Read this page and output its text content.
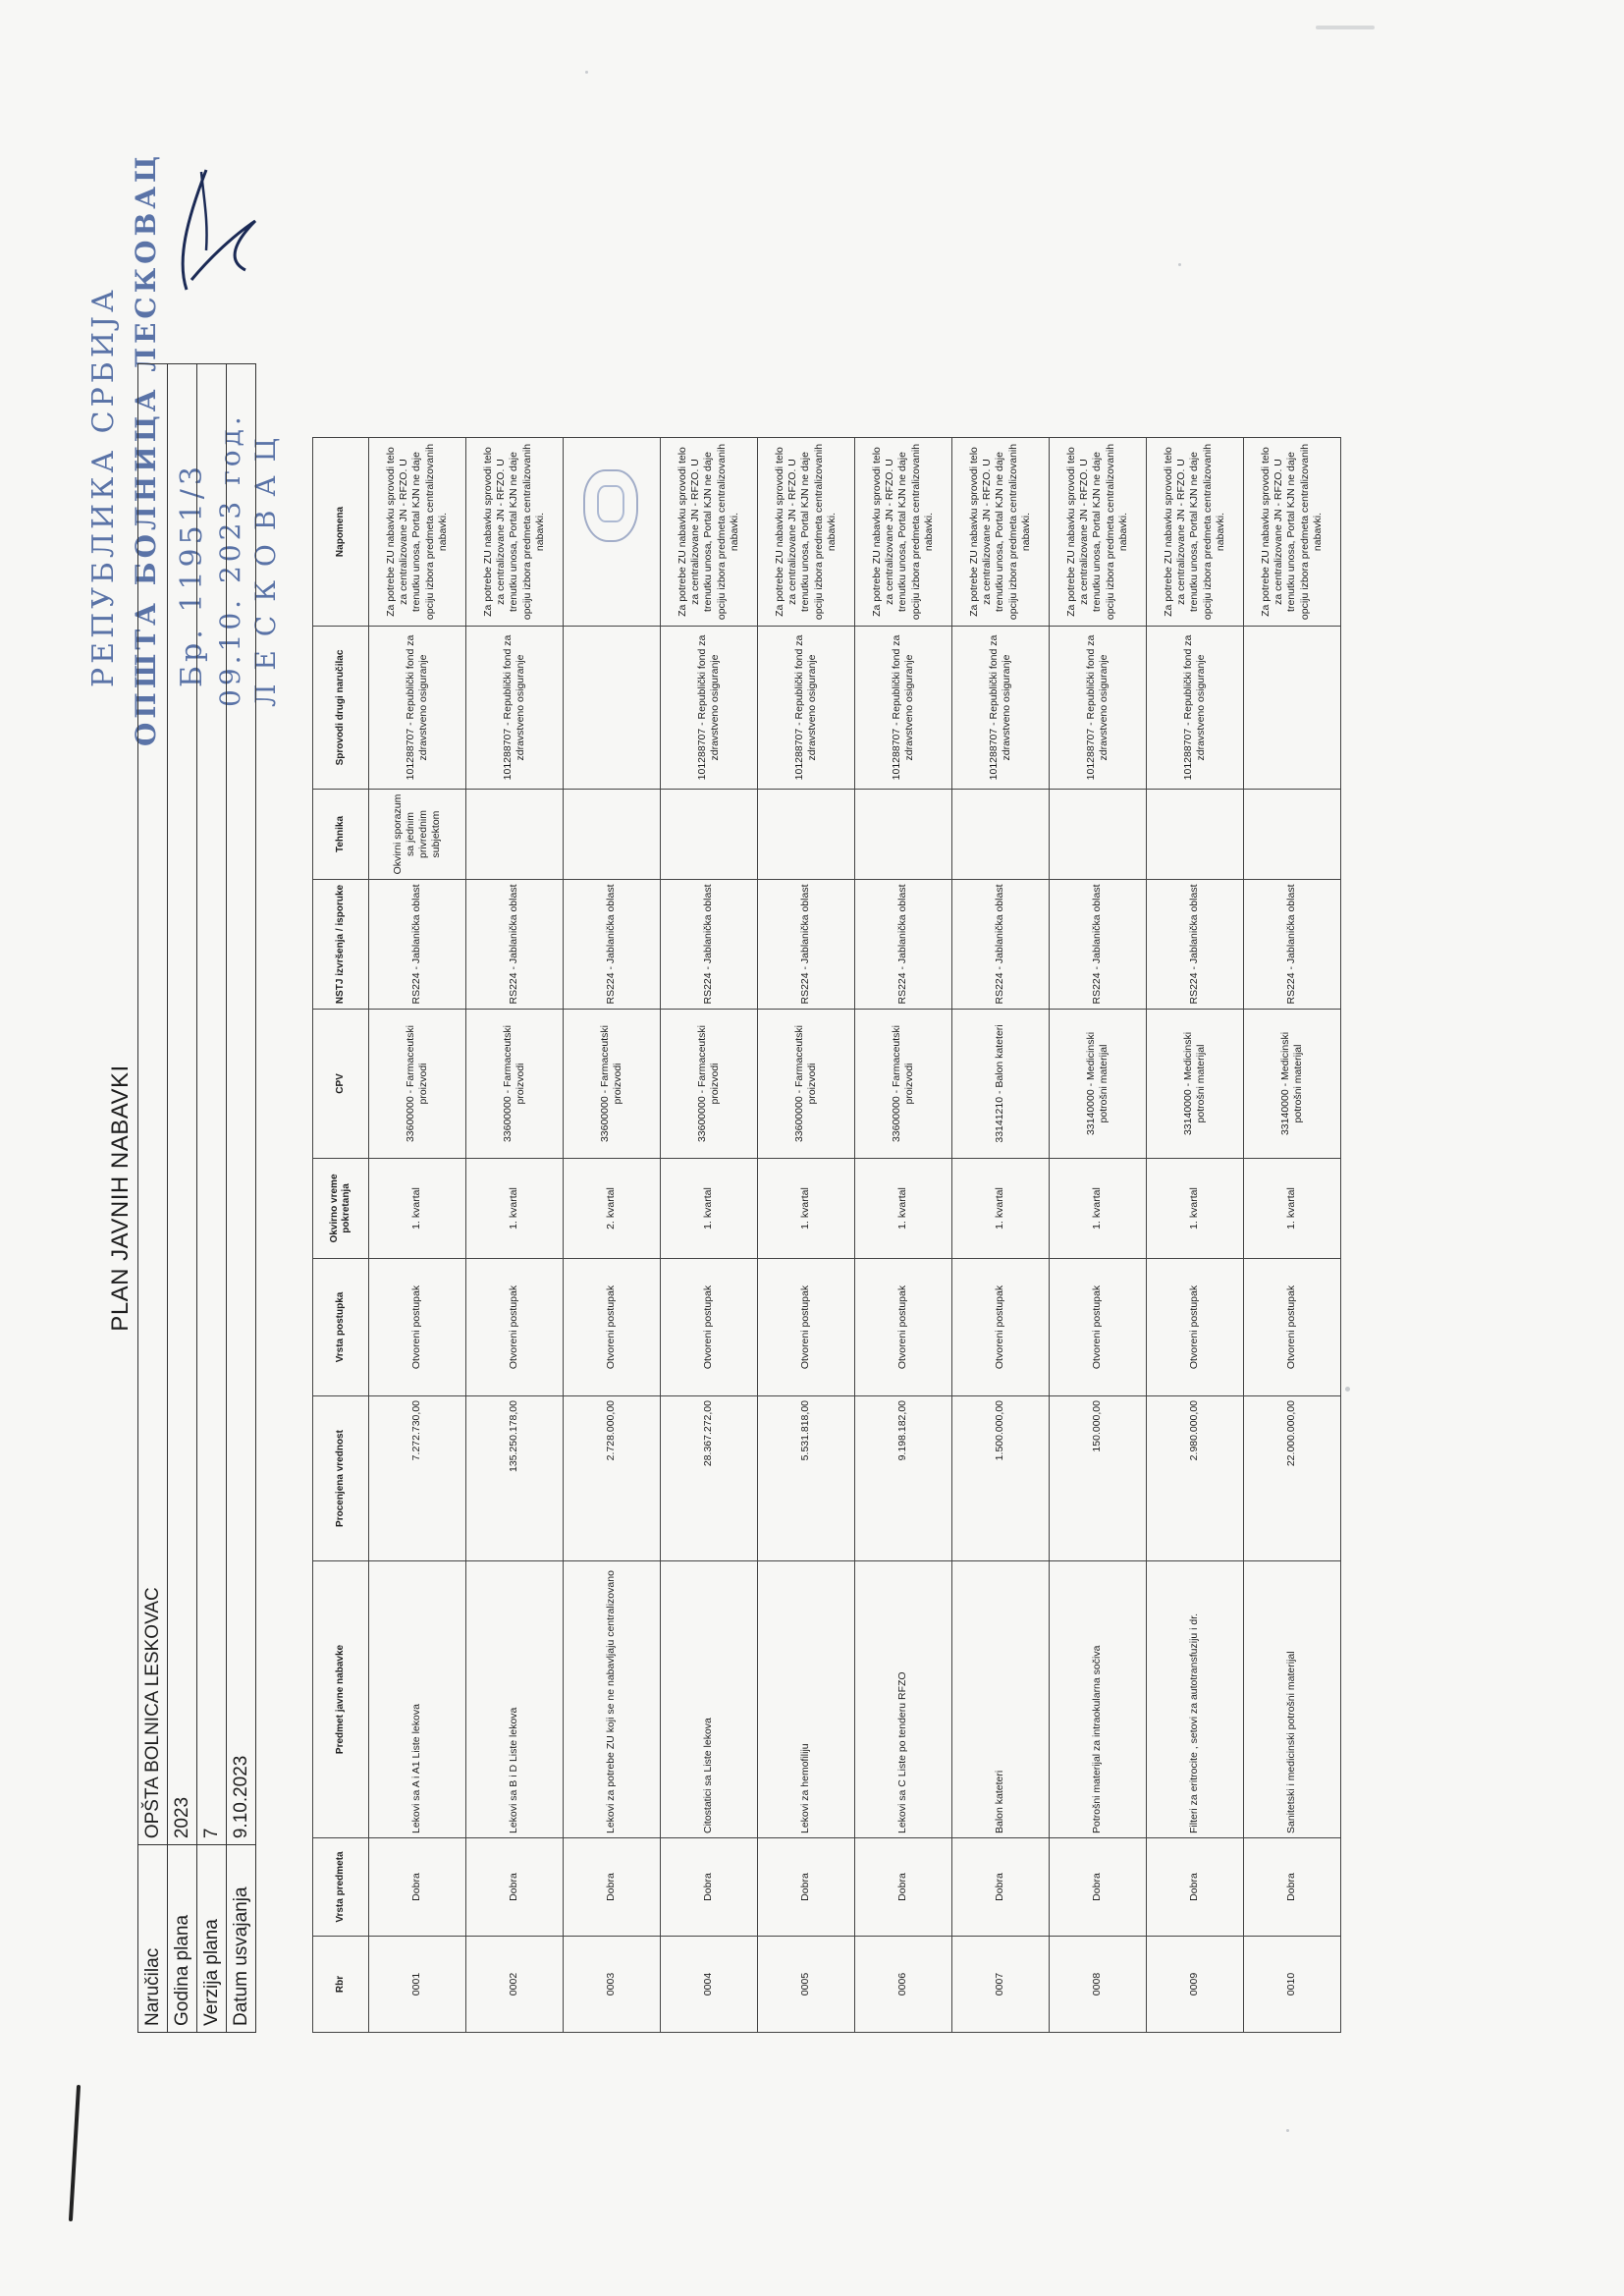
РЕПУБЛИКА СРБИЈА ОПШТА БОЛНИЦА ЛЕСКОВАЦ Бр. 11951/3 09.10. 2023 год. ЛЕСКОВАЦ
PLAN JAVNIH NABAVKI
Naručilac	OPŠTA BOLNICA LESKOVAC
Godina plana	2023
Verzija plana	7
Datum usvajanja	9.10.2023
Rbr	Vrsta predmeta	Predmet javne nabavke	Procenjena vrednost	Vrsta postupka	Okvirno vreme pokretanja	CPV	NSTJ izvršenja / isporuke	Tehnika	Sprovodi drugi naručilac	Napomena
0001	Dobra	Lekovi sa A i A1 Liste lekova	7.272.730,00	Otvoreni postupak	1. kvartal	33600000 - Farmaceutski proizvodi	RS224 - Jablanička oblast	Okvirni sporazum sa jednim privrednim subjektom	101288707 - Republički fond za zdravstveno osiguranje	Za potrebe ZU nabavku sprovodi telo za centralizovane JN - RFZO. U trenutku unosa, Portal KJN ne daje opciju izbora predmeta centralizovanih nabavki.
0002	Dobra	Lekovi sa B i D Liste lekova	135.250.178,00	Otvoreni postupak	1. kvartal	33600000 - Farmaceutski proizvodi	RS224 - Jablanička oblast		101288707 - Republički fond za zdravstveno osiguranje	Za potrebe ZU nabavku sprovodi telo za centralizovane JN - RFZO. U trenutku unosa, Portal KJN ne daje opciju izbora predmeta centralizovanih nabavki.
0003	Dobra	Lekovi za potrebe ZU koji se ne nabavljaju centralizovano	2.728.000,00	Otvoreni postupak	2. kvartal	33600000 - Farmaceutski proizvodi	RS224 - Jablanička oblast			
0004	Dobra	Citostatici sa Liste lekova	28.367.272,00	Otvoreni postupak	1. kvartal	33600000 - Farmaceutski proizvodi	RS224 - Jablanička oblast		101288707 - Republički fond za zdravstveno osiguranje	Za potrebe ZU nabavku sprovodi telo za centralizovane JN - RFZO. U trenutku unosa, Portal KJN ne daje opciju izbora predmeta centralizovanih nabavki.
0005	Dobra	Lekovi za hemofiliju	5.531.818,00	Otvoreni postupak	1. kvartal	33600000 - Farmaceutski proizvodi	RS224 - Jablanička oblast		101288707 - Republički fond za zdravstveno osiguranje	Za potrebe ZU nabavku sprovodi telo za centralizovane JN - RFZO. U trenutku unosa, Portal KJN ne daje opciju izbora predmeta centralizovanih nabavki.
0006	Dobra	Lekovi sa C Liste po tenderu RFZO	9.198.182,00	Otvoreni postupak	1. kvartal	33600000 - Farmaceutski proizvodi	RS224 - Jablanička oblast		101288707 - Republički fond za zdravstveno osiguranje	Za potrebe ZU nabavku sprovodi telo za centralizovane JN - RFZO. U trenutku unosa, Portal KJN ne daje opciju izbora predmeta centralizovanih nabavki.
0007	Dobra	Balon kateteri	1.500.000,00	Otvoreni postupak	1. kvartal	33141210 - Balon kateteri	RS224 - Jablanička oblast		101288707 - Republički fond za zdravstveno osiguranje	Za potrebe ZU nabavku sprovodi telo za centralizovane JN - RFZO. U trenutku unosa, Portal KJN ne daje opciju izbora predmeta centralizovanih nabavki.
0008	Dobra	Potrošni materijal za intraokularna sočiva	150.000,00	Otvoreni postupak	1. kvartal	33140000 - Medicinski potrošni materijal	RS224 - Jablanička oblast		101288707 - Republički fond za zdravstveno osiguranje	Za potrebe ZU nabavku sprovodi telo za centralizovane JN - RFZO. U trenutku unosa, Portal KJN ne daje opciju izbora predmeta centralizovanih nabavki.
0009	Dobra	Filteri za eritrocite , setovi za autotransfuziju i dr.	2.980.000,00	Otvoreni postupak	1. kvartal	33140000 - Medicinski potrošni materijal	RS224 - Jablanička oblast		101288707 - Republički fond za zdravstveno osiguranje	Za potrebe ZU nabavku sprovodi telo za centralizovane JN - RFZO. U trenutku unosa, Portal KJN ne daje opciju izbora predmeta centralizovanih nabavki.
0010	Dobra	Sanitetski i medicinski potrošni materijal	22.000.000,00	Otvoreni postupak	1. kvartal	33140000 - Medicinski potrošni materijal	RS224 - Jablanička oblast			Za potrebe ZU nabavku sprovodi telo za centralizovane JN - RFZO. U trenutku unosa, Portal KJN ne daje opciju izbora predmeta centralizovanih nabavki.
